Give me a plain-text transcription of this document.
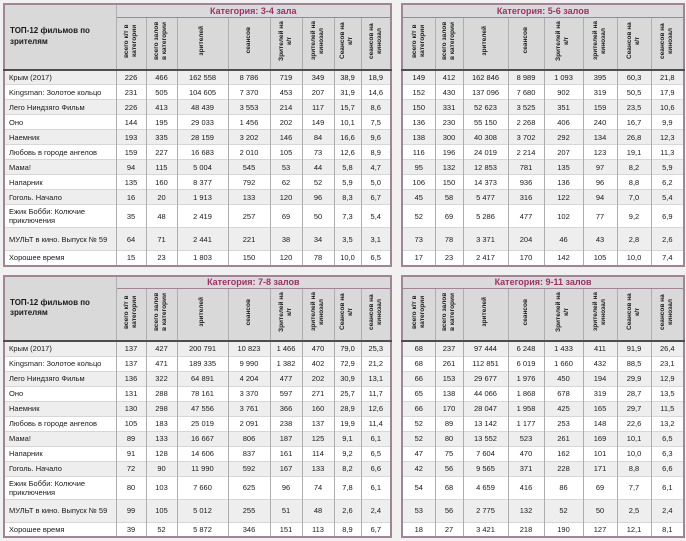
ТОП-12 фильмов по зрителям	Категория: 3-4 зала							
	всего к/т в категории	всего залов в категории	зрителей	сеансов	Зрителей на к/т	зрителей на кинозал	Сеансов на к/т	сеансов на кинозал
Крым (2017)	226	466	162 558	8 786	719	349	38,9	18,9
Kingsman: Золотое кольцо	231	505	104 605	7 370	453	207	31,9	14,6
Лего Ниндзяго Фильм	226	413	48 439	3 553	214	117	15,7	8,6
Оно	144	195	29 033	1 456	202	149	10,1	7,5
Наемник	193	335	28 159	3 202	146	84	16,6	9,6
Любовь в городе ангелов	159	227	16 683	2 010	105	73	12,6	8,9
Мама!	94	115	5 004	545	53	44	5,8	4,7
Напарник	135	160	8 377	792	62	52	5,9	5,0
Гоголь. Начало	16	20	1 913	133	120	96	8,3	6,7
Ежик Бобби: Колючие приключения	35	48	2 419	257	69	50	7,3	5,4
МУЛЬТ в кино. Выпуск № 59	64	71	2 441	221	38	34	3,5	3,1
Хорошее время	15	23	1 803	150	120	78	10,0	6,5
Категория: 5-6 залов							
всего к/т в категории	всего залов в категории	зрителей	сеансов	Зрителей на к/т	зрителей на кинозал	Сеансов на к/т	сеансов на кинозал
149	412	162 846	8 989	1 093	395	60,3	21,8
152	430	137 096	7 680	902	319	50,5	17,9
150	331	52 623	3 525	351	159	23,5	10,6
136	230	55 150	2 268	406	240	16,7	9,9
138	300	40 308	3 702	292	134	26,8	12,3
116	196	24 019	2 214	207	123	19,1	11,3
95	132	12 853	781	135	97	8,2	5,9
106	150	14 373	936	136	96	8,8	6,2
45	58	5 477	316	122	94	7,0	5,4
52	69	5 286	477	102	77	9,2	6,9
73	78	3 371	204	46	43	2,8	2,6
17	23	2 417	170	142	105	10,0	7,4
ТОП-12 фильмов по зрителям	Категория: 7-8 залов							
	всего к/т в категории	всего залов в категории	зрителей	сеансов	Зрителей на к/т	зрителей на кинозал	Сеансов на к/т	сеансов на кинозал
Крым (2017)	137	427	200 791	10 823	1 466	470	79,0	25,3
Kingsman: Золотое кольцо	137	471	189 335	9 990	1 382	402	72,9	21,2
Лего Ниндзяго Фильм	136	322	64 891	4 204	477	202	30,9	13,1
Оно	131	288	78 161	3 370	597	271	25,7	11,7
Наемник	130	298	47 556	3 761	366	160	28,9	12,6
Любовь в городе ангелов	105	183	25 019	2 091	238	137	19,9	11,4
Мама!	89	133	16 667	806	187	125	9,1	6,1
Напарник	91	128	14 606	837	161	114	9,2	6,5
Гоголь. Начало	72	90	11 990	592	167	133	8,2	6,6
Ежик Бобби: Колючие приключения	80	103	7 660	625	96	74	7,8	6,1
МУЛЬТ в кино. Выпуск № 59	99	105	5 012	255	51	48	2,6	2,4
Хорошее время	39	52	5 872	346	151	113	8,9	6,7
Категория: 9-11 залов							
всего к/т в категории	всего залов в категории	зрителей	сеансов	Зрителей на к/т	зрителей на кинозал	Сеансов на к/т	сеансов на кинозал
68	237	97 444	6 248	1 433	411	91,9	26,4
68	261	112 851	6 019	1 660	432	88,5	23,1
66	153	29 677	1 976	450	194	29,9	12,9
65	138	44 066	1 868	678	319	28,7	13,5
66	170	28 047	1 958	425	165	29,7	11,5
52	89	13 142	1 177	253	148	22,6	13,2
52	80	13 552	523	261	169	10,1	6,5
47	75	7 604	470	162	101	10,0	6,3
42	56	9 565	371	228	171	8,8	6,6
54	68	4 659	416	86	69	7,7	6,1
53	56	2 775	132	52	50	2,5	2,4
18	27	3 421	218	190	127	12,1	8,1
